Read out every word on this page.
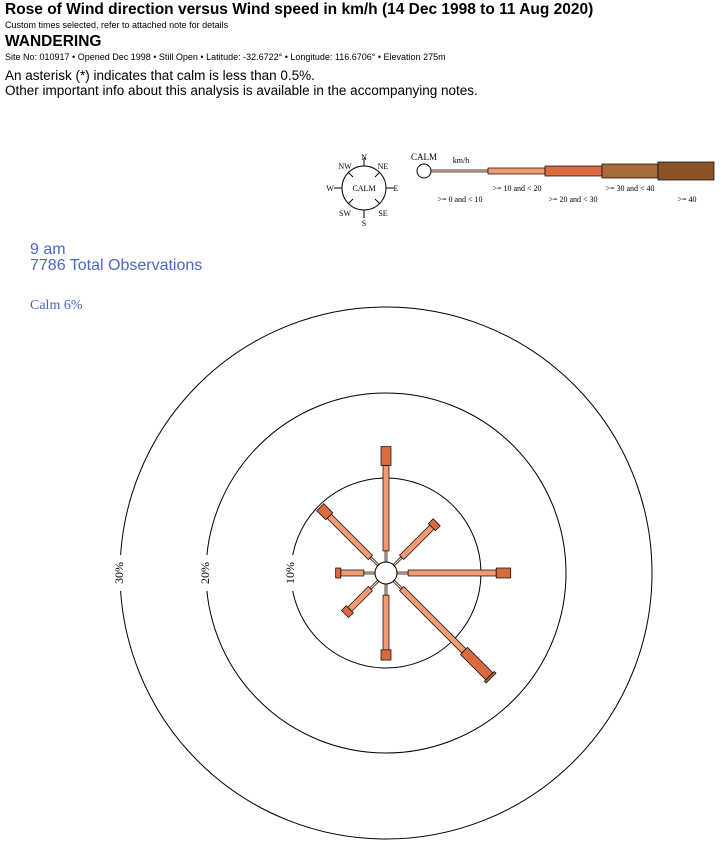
Rose of Wind direction versus Wind speed in km/h (14 Dec 1998 to 11 Aug 2020)
Custom times selected, refer to attached note for details
WANDERING
Site No: 010917 • Opened Dec 1998 • Still Open • Latitude: -32.6722° • Longitude: 116.6706° • Elevation 275m
An asterisk (*) indicates that calm is less than 0.5%.
Other important info about this analysis is available in the accompanying notes.
9 am
7786 Total Observations
Calm 6%
CALM
N
S
W	E
NW	NE
SW	SE
CALM km/h
>= 0 and < 10
>= 10 and < 20
>= 20 and < 30
>= 30 and < 40
>= 40
10%
20%
30%
